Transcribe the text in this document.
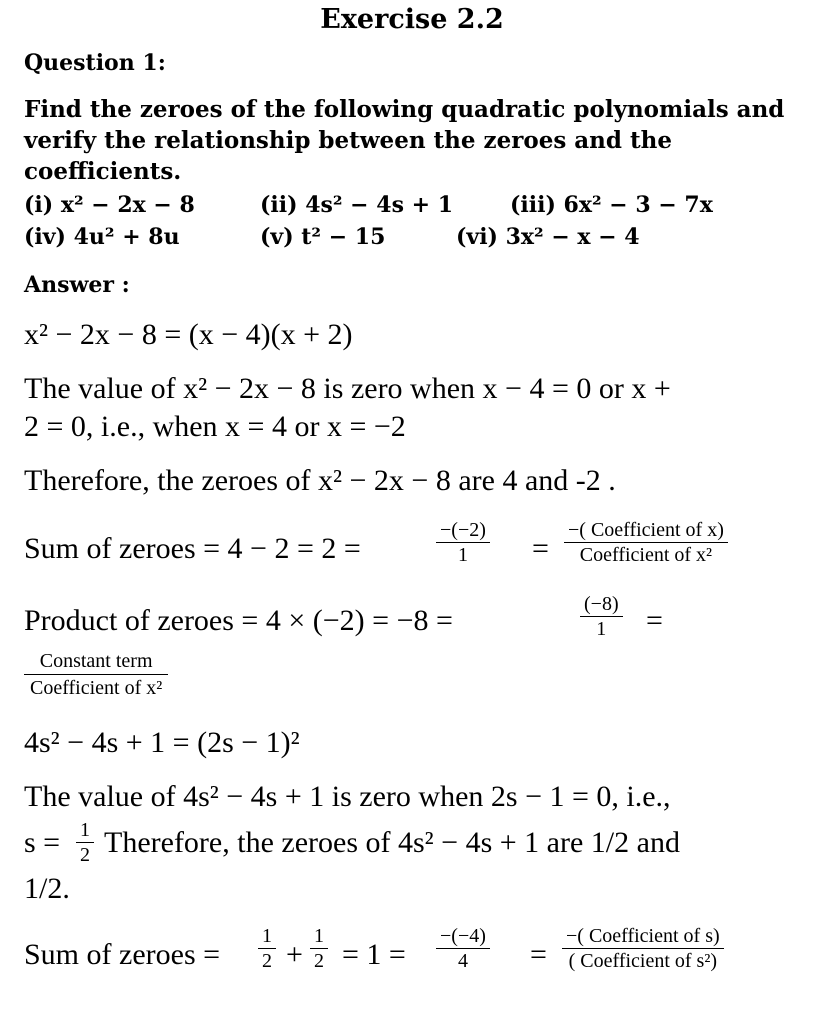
Exercise 2.2
Question 1:
Find the zeroes of the following quadratic polynomials and verify the relationship between the zeroes and the coefficients.
(i) x² − 2x − 8	(ii) 4s² − 4s + 1	(iii) 6x² − 3 − 7x
(iv) 4u² + 8u	(v) t² − 15	(vi) 3x² − x − 4
Answer :
x² − 2x − 8 = (x − 4)(x + 2)
The value of x² − 2x − 8 is zero when x − 4 = 0 or x +
2 = 0, i.e., when x = 4 or x = −2
Therefore, the zeroes of x² − 2x − 8 are 4 and -2 .
Sum of zeroes = 4 − 2 = 2 =	$\frac{-(-2)}{1}$ =
−( Coefficient of x)
Coefficient of x²
Product of zeroes = 4 × (−2) = −8 =	$\frac{(-8)}{1}$ =
Constant term
Coefficient of x²
4s² − 4s + 1 = (2s − 1)²
The value of 4s² − 4s + 1 is zero when 2s − 1 = 0, i.e.,
$s = \frac{1}{2}$ Therefore, the zeroes of 4s² − 4s + 1 are 1/2 and
1/2.
Sum of zeroes = $\frac{1}{2} + \frac{1}{2} = 1 = \frac{-(-4)}{4}$ =
−( Coefficient of s)
( Coefficient of s²)
